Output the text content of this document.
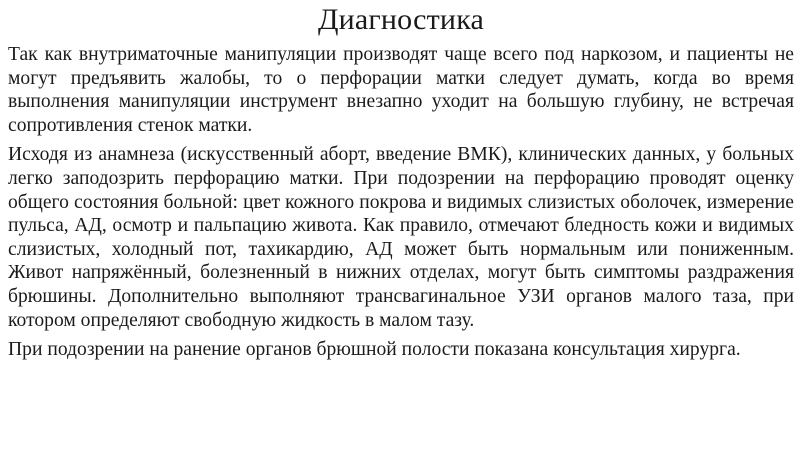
Диагностика

Так как внутриматочные манипуляции производят чаще всего под наркозом, и пациенты не могут предъявить жалобы, то о перфорации матки следует думать, когда во время выполнения манипуляции инструмент внезапно уходит на большую глубину, не встречая сопротивления стенок матки.

Исходя из анамнеза (искусственный аборт, введение ВМК), клинических данных, у больных легко заподозрить перфорацию матки. При подозрении на перфорацию проводят оценку общего состояния больной: цвет кожного покрова и видимых слизистых оболочек, измерение пульса, АД, осмотр и пальпацию живота. Как правило, отмечают бледность кожи и видимых слизистых, холодный пот, тахикардию, АД может быть нормальным или пониженным. Живот напряжённый, болезненный в нижних отделах, могут быть симптомы раздражения брюшины. Дополнительно выполняют трансвагинальное УЗИ органов малого таза, при котором определяют свободную жидкость в малом тазу.

При подозрении на ранение органов брюшной полости показана консультация хирурга.
